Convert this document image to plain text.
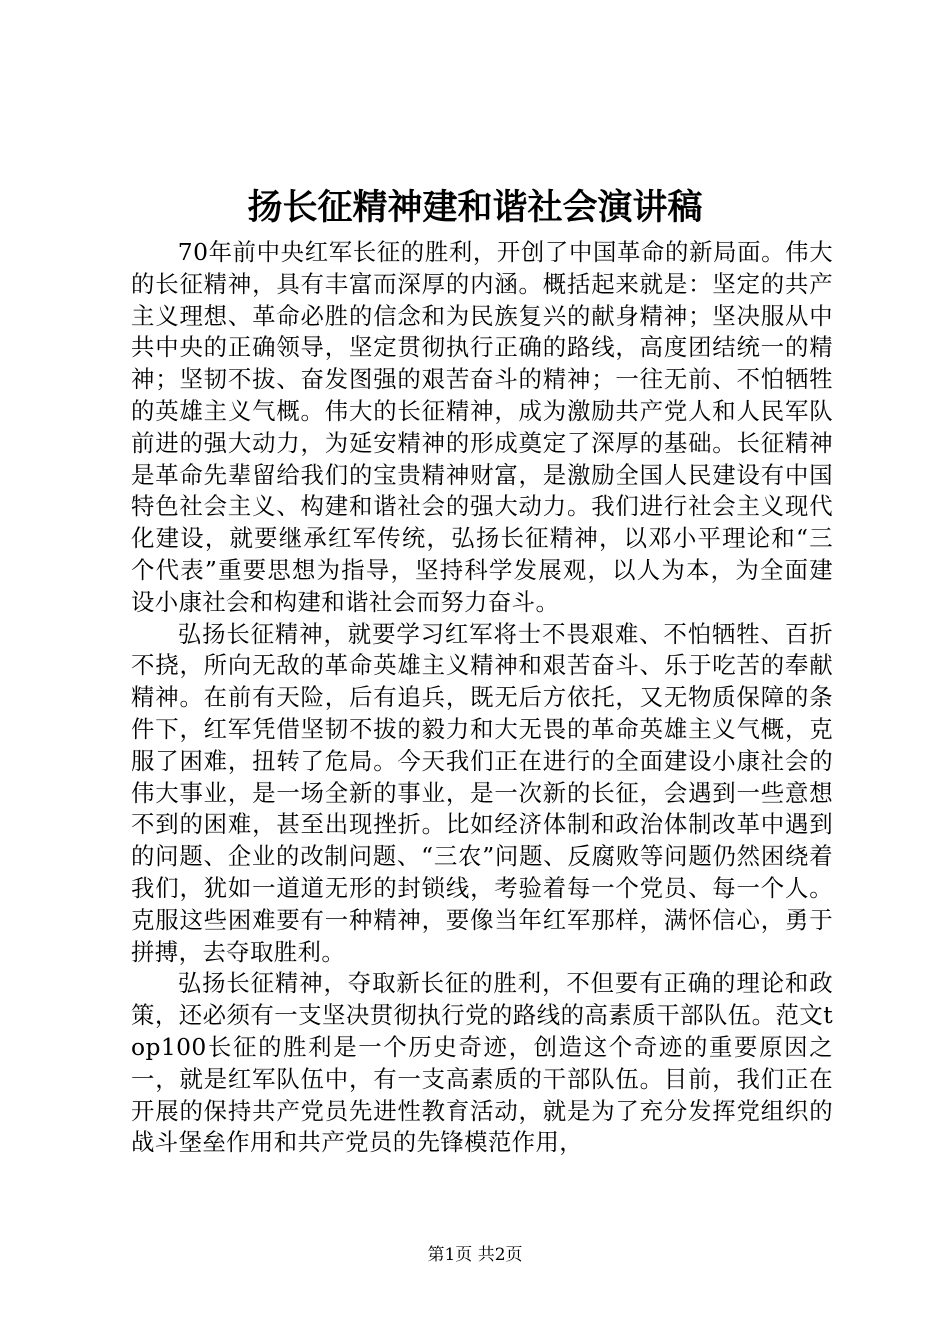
扬长征精神建和谐社会演讲稿

70年前中央红军长征的胜利，开创了中国革命的新局面。伟大的长征精神，具有丰富而深厚的内涵。概括起来就是：坚定的共产主义理想、革命必胜的信念和为民族复兴的献身精神；坚决服从中共中央的正确领导，坚定贯彻执行正确的路线，高度团结统一的精神；坚韧不拔、奋发图强的艰苦奋斗的精神；一往无前、不怕牺牲的英雄主义气概。伟大的长征精神，成为激励共产党人和人民军队前进的强大动力，为延安精神的形成奠定了深厚的基础。长征精神是革命先辈留给我们的宝贵精神财富，是激励全国人民建设有中国特色社会主义、构建和谐社会的强大动力。我们进行社会主义现代化建设，就要继承红军传统，弘扬长征精神，以邓小平理论和“三个代表”重要思想为指导，坚持科学发展观，以人为本，为全面建设小康社会和构建和谐社会而努力奋斗。

弘扬长征精神，就要学习红军将士不畏艰难、不怕牺牲、百折不挠，所向无敌的革命英雄主义精神和艰苦奋斗、乐于吃苦的奉献精神。在前有天险，后有追兵，既无后方依托，又无物质保障的条件下，红军凭借坚韧不拔的毅力和大无畏的革命英雄主义气概，克服了困难，扭转了危局。今天我们正在进行的全面建设小康社会的伟大事业，是一场全新的事业，是一次新的长征，会遇到一些意想不到的困难，甚至出现挫折。比如经济体制和政治体制改革中遇到的问题、企业的改制问题、“三农”问题、反腐败等问题仍然困绕着我们，犹如一道道无形的封锁线，考验着每一个党员、每一个人。克服这些困难要有一种精神，要像当年红军那样，满怀信心，勇于拼搏，去夺取胜利。

弘扬长征精神，夺取新长征的胜利，不但要有正确的理论和政策，还必须有一支坚决贯彻执行党的路线的高素质干部队伍。范文top100长征的胜利是一个历史奇迹，创造这个奇迹的重要原因之一，就是红军队伍中，有一支高素质的干部队伍。目前，我们正在开展的保持共产党员先进性教育活动，就是为了充分发挥党组织的战斗堡垒作用和共产党员的先锋模范作用，

第1页 共2页
